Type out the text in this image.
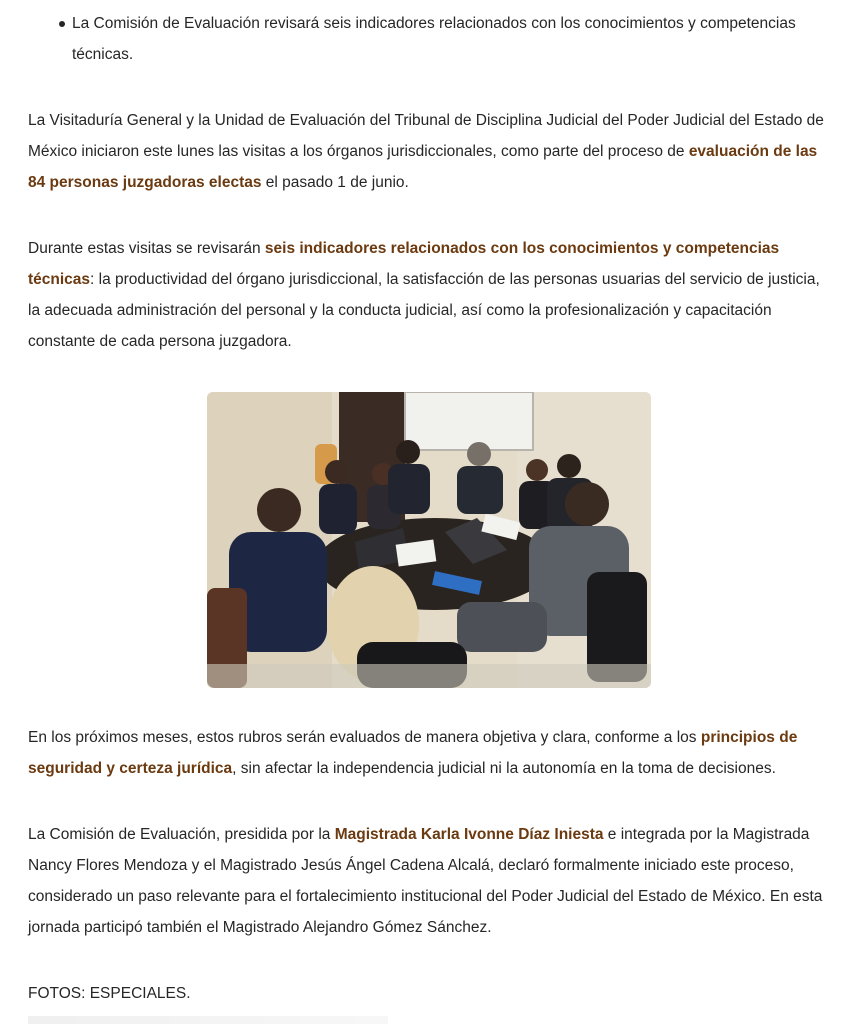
La Comisión de Evaluación revisará seis indicadores relacionados con los conocimientos y competencias técnicas.

La Visitaduría General y la Unidad de Evaluación del Tribunal de Disciplina Judicial del Poder Judicial del Estado de México iniciaron este lunes las visitas a los órganos jurisdiccionales, como parte del proceso de evaluación de las 84 personas juzgadoras electas el pasado 1 de junio.

Durante estas visitas se revisarán seis indicadores relacionados con los conocimientos y competencias técnicas: la productividad del órgano jurisdiccional, la satisfacción de las personas usuarias del servicio de justicia, la adecuada administración del personal y la conducta judicial, así como la profesionalización y capacitación constante de cada persona juzgadora.

En los próximos meses, estos rubros serán evaluados de manera objetiva y clara, conforme a los principios de seguridad y certeza jurídica, sin afectar la independencia judicial ni la autonomía en la toma de decisiones.

La Comisión de Evaluación, presidida por la Magistrada Karla Ivonne Díaz Iniesta e integrada por la Magistrada Nancy Flores Mendoza y el Magistrado Jesús Ángel Cadena Alcalá, declaró formalmente iniciado este proceso, considerado un paso relevante para el fortalecimiento institucional del Poder Judicial del Estado de México. En esta jornada participó también el Magistrado Alejandro Gómez Sánchez.

FOTOS: ESPECIALES.
